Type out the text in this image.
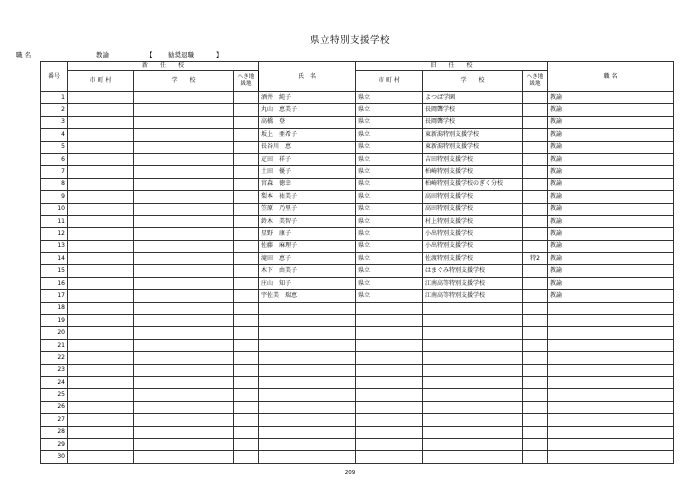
県立特別支援学校
職 名	教諭	【 勧奨退職	】
番号	新　　任　　校			氏　名	旧　　任　　校			職 名
	市 町 村	学　　校	へき地級地		市 町 村	学　　校	へき地級地	
1				酒井　純子	県立	よつば学園		教諭
2				丸山　恵美子	県立	長岡聾学校		教諭
3				高橋　登	県立	長岡聾学校		教諭
4				坂上　亜希子	県立	東新潟特別支援学校		教諭
5				長谷川　恵	県立	東新潟特別支援学校		教諭
6				疋田　祥子	県立	吉田特別支援学校		教諭
7				土田　優子	県立	柏崎特別支援学校		教諭
8				宮森　徳幸	県立	柏崎特別支援学校のぎく分校		教諭
9				梨本　祐美子	県立	高田特別支援学校		教諭
10				笠原　乃里子	県立	高田特別支援学校		教諭
11				鈴木　美智子	県立	村上特別支援学校		教諭
12				星野　康子	県立	小出特別支援学校		教諭
13				佐藤　麻理子	県立	小出特別支援学校		教諭
14				滝田　恵子	県立	佐渡特別支援学校	特2	教諭
15				木下　由美子	県立	はまぐみ特別支援学校		教諭
16				庄山　知子	県立	江南高等特別支援学校		教諭
17				宇佐美　瑞恵	県立	江南高等特別支援学校		教諭
18								
19								
20								
21								
22								
23								
24								
25								
26								
27								
28								
29								
30								
209
